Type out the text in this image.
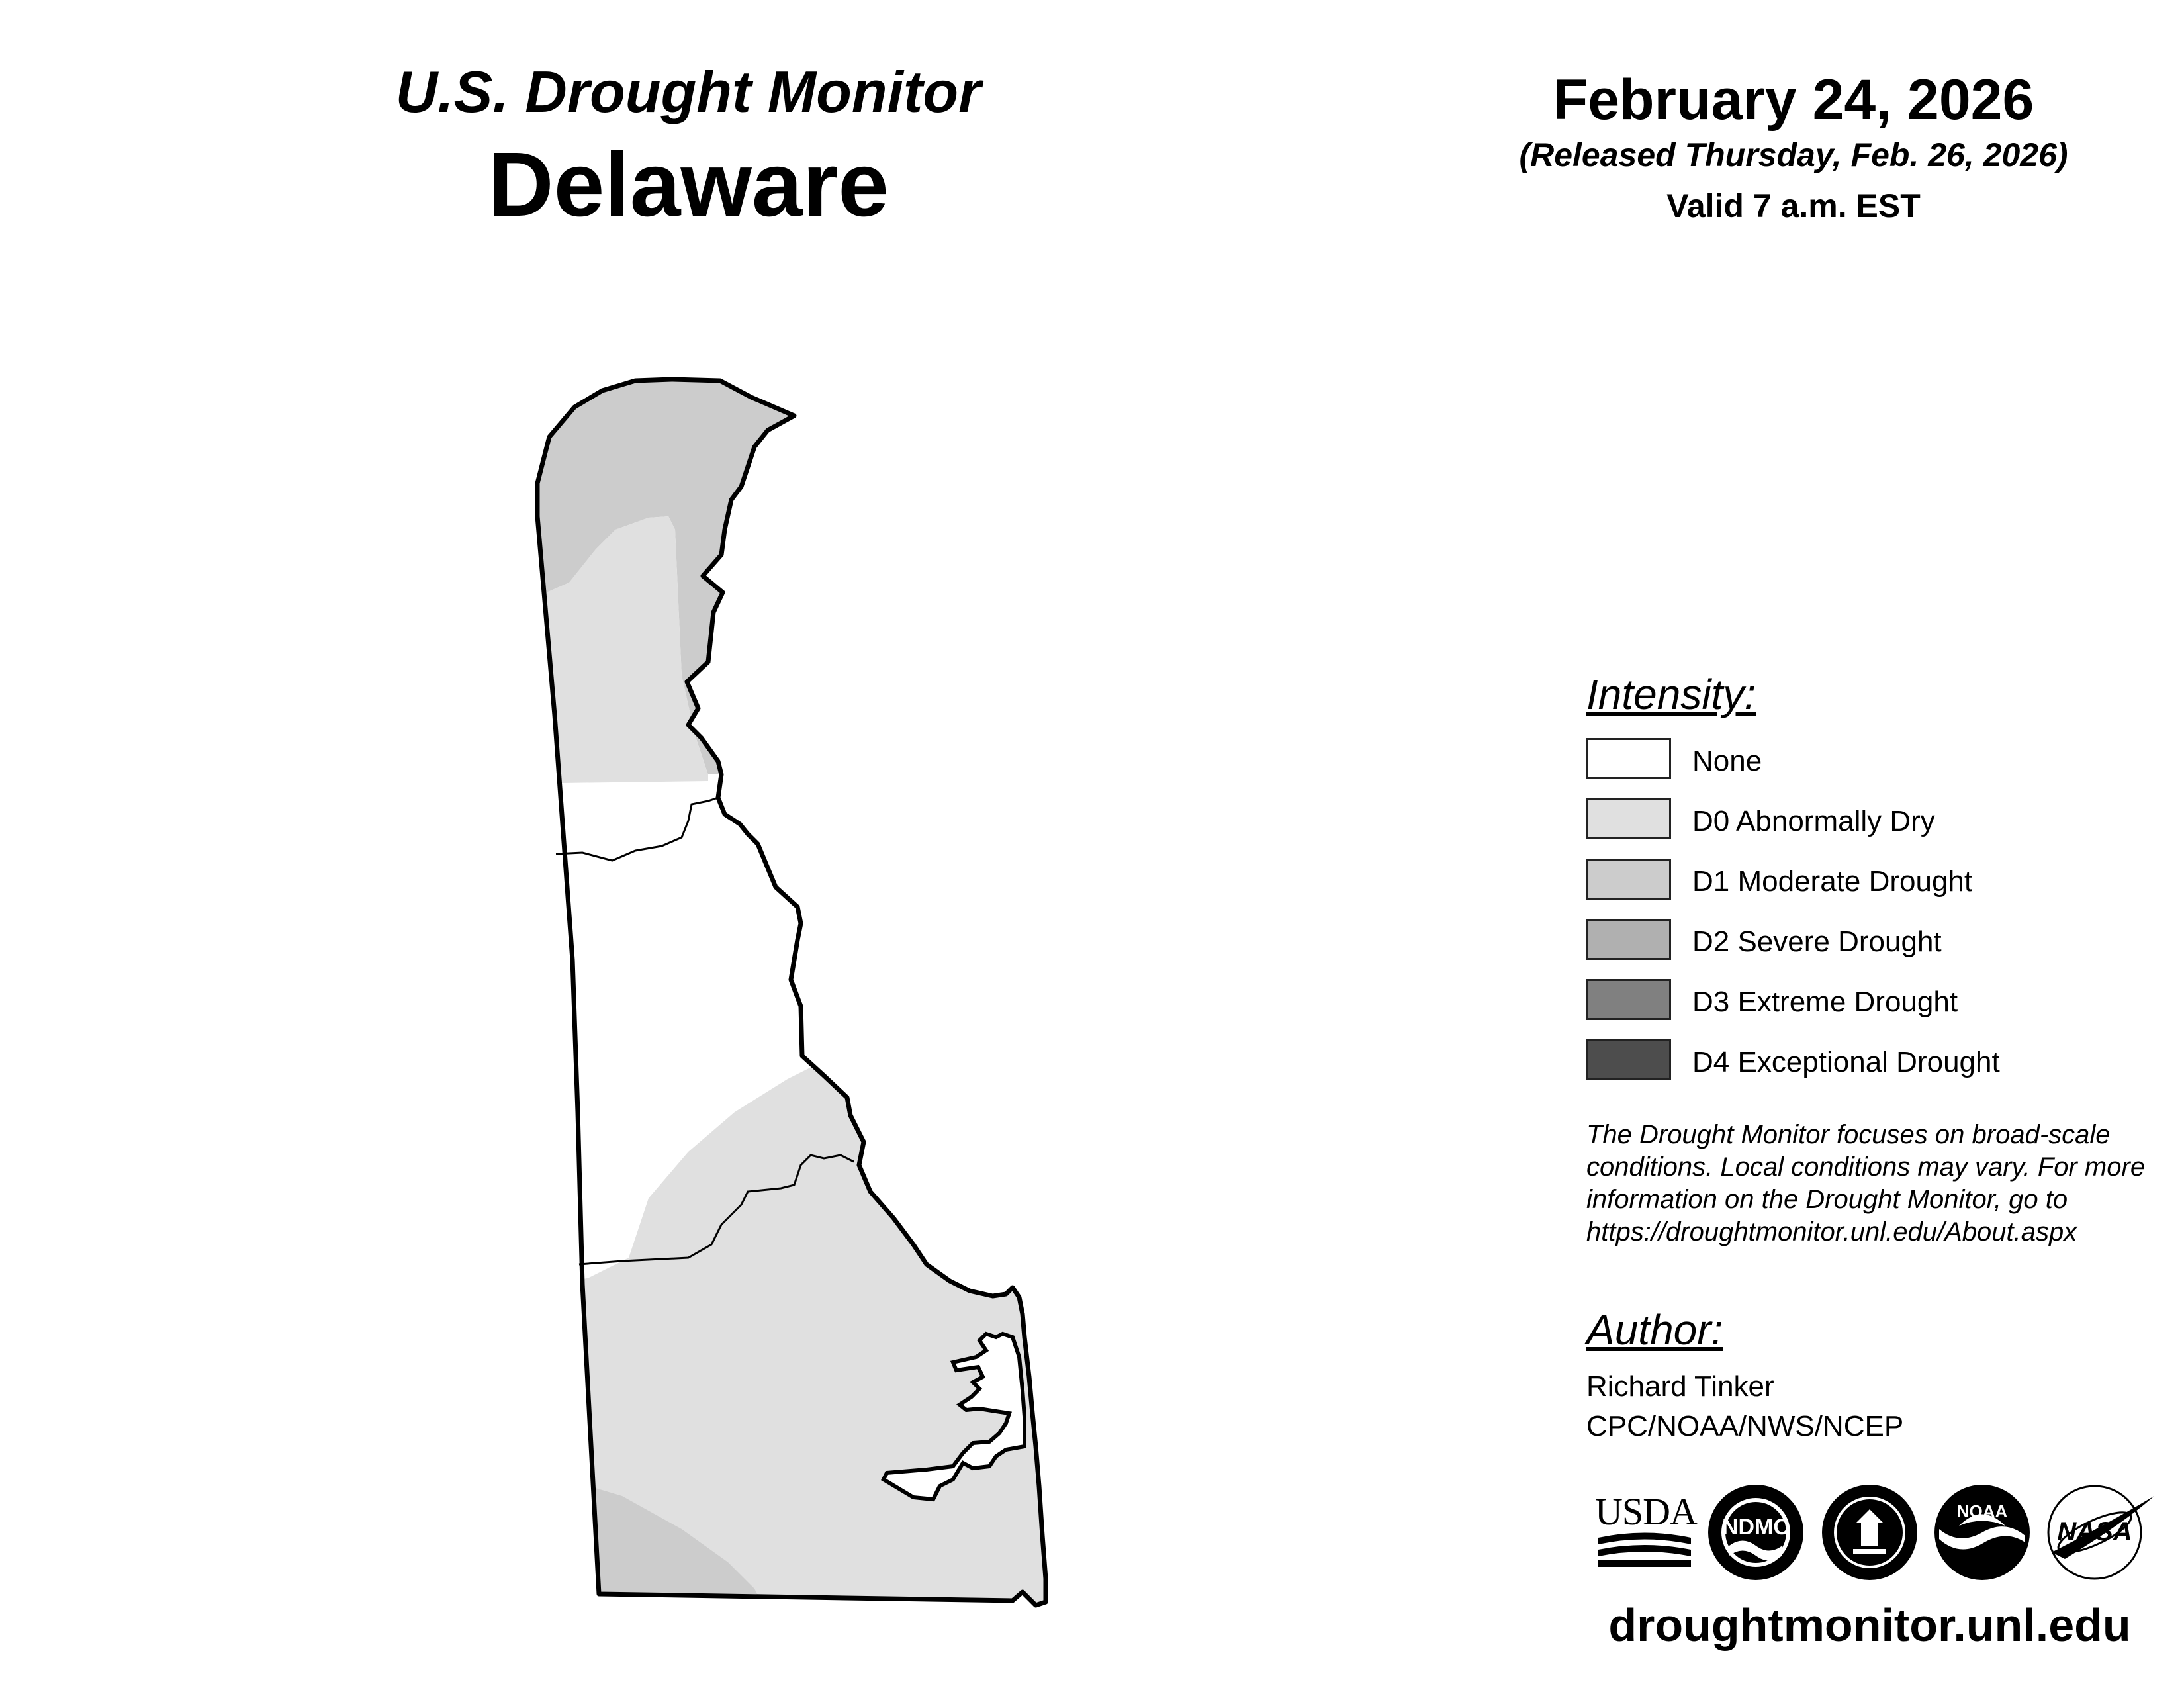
U.S. Drought Monitor
Delaware
February 24, 2026
(Released Thursday, Feb. 26, 2026)
Valid 7 a.m. EST
Intensity:
None
D0 Abnormally Dry
D1 Moderate Drought
D2 Severe Drought
D3 Extreme Drought
D4 Exceptional Drought
The Drought Monitor focuses on broad-scale conditions. Local conditions may vary. For more information on the Drought Monitor, go to https://droughtmonitor.unl.edu/About.aspx
Author:
Richard Tinker
CPC/NOAA/NWS/NCEP
USDA	NDMC
NOAA
NASA
droughtmonitor.unl.edu
